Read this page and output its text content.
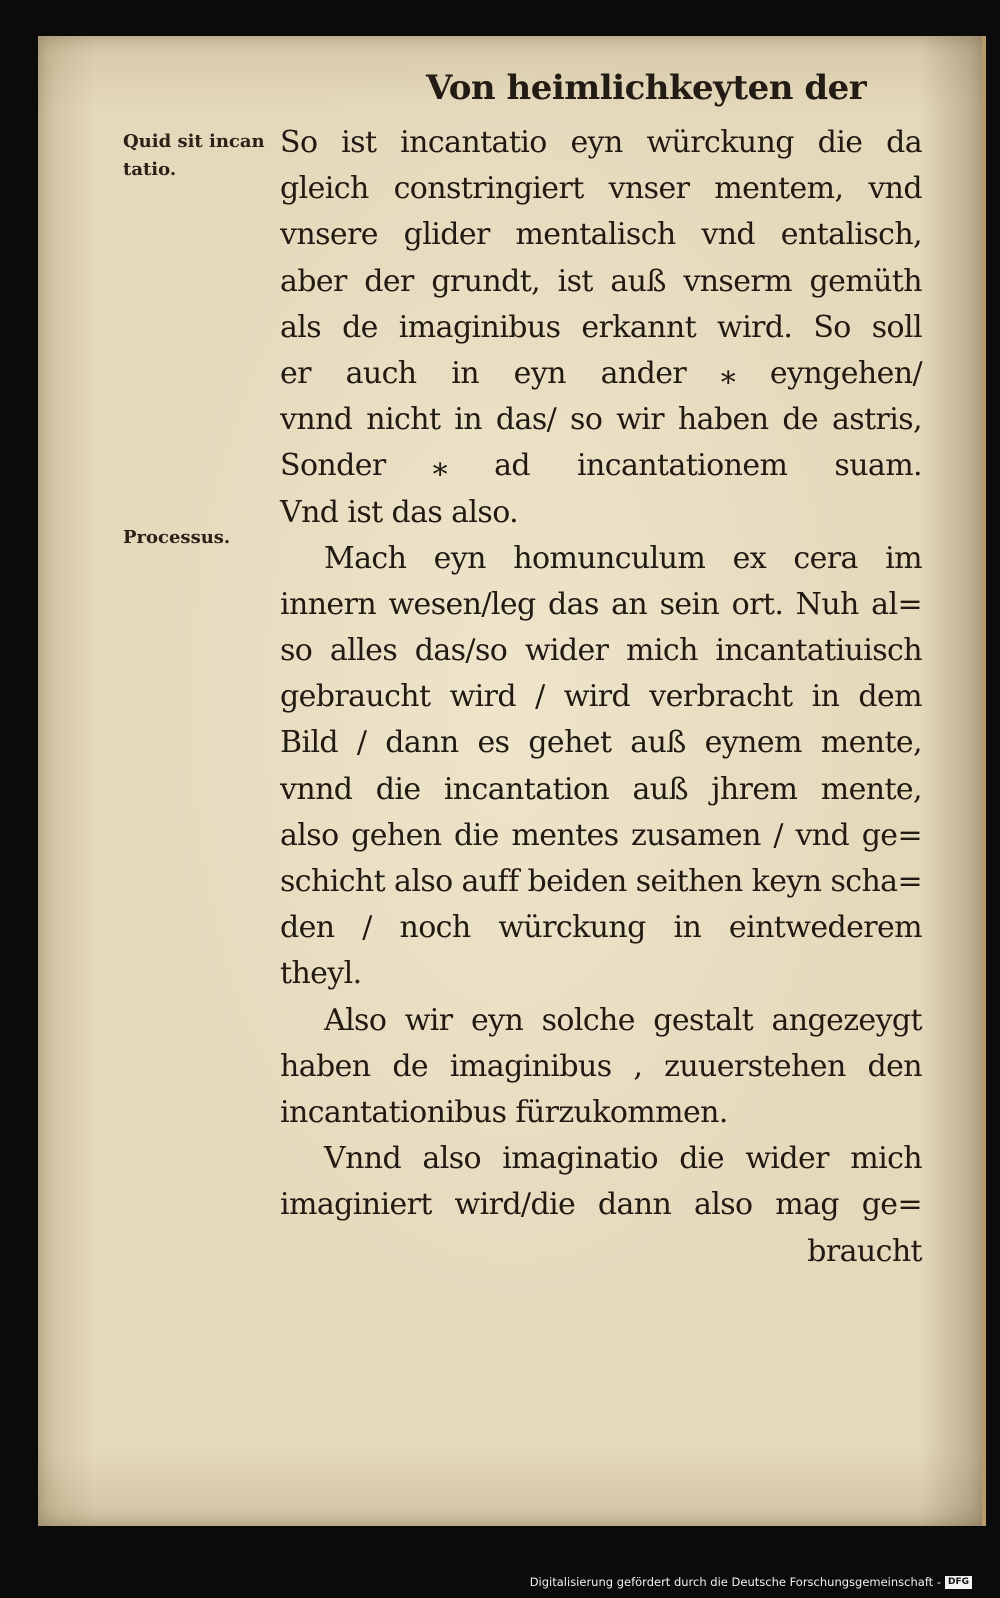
Von heimlichkeyten der
Quid sit incan
tatio.
Processus.
So ist incantatio eyn würckung die da
gleich constringiert vnser mentem, vnd
vnsere glider mentalisch vnd entalisch,
aber der grundt, ist auß vnserm gemüth
als de imaginibus erkannt wird. So soll
er auch in eyn ander ⁎ eyngehen/
vnnd nicht in das/ so wir haben de astris,
Sonder ⁎ ad incantationem suam.
Vnd ist das also.
Mach eyn homunculum ex cera im
innern wesen/leg das an sein ort. Nuh al=
so alles das/so wider mich incantatiuisch
gebraucht wird / wird verbracht in dem
Bild / dann es gehet auß eynem mente,
vnnd die incantation auß jhrem mente,
also gehen die mentes zusamen / vnd ge=
schicht also auff beiden seithen keyn scha=
den / noch würckung in eintwederem
theyl.
Also wir eyn solche gestalt angezeygt
haben de imaginibus , zuuerstehen den
incantationibus fürzukommen.
Vnnd also imaginatio die wider mich
imaginiert wird/die dann also mag ge=
braucht
Digitalisierung gefördert durch die Deutsche Forschungsgemeinschaft - DFG
